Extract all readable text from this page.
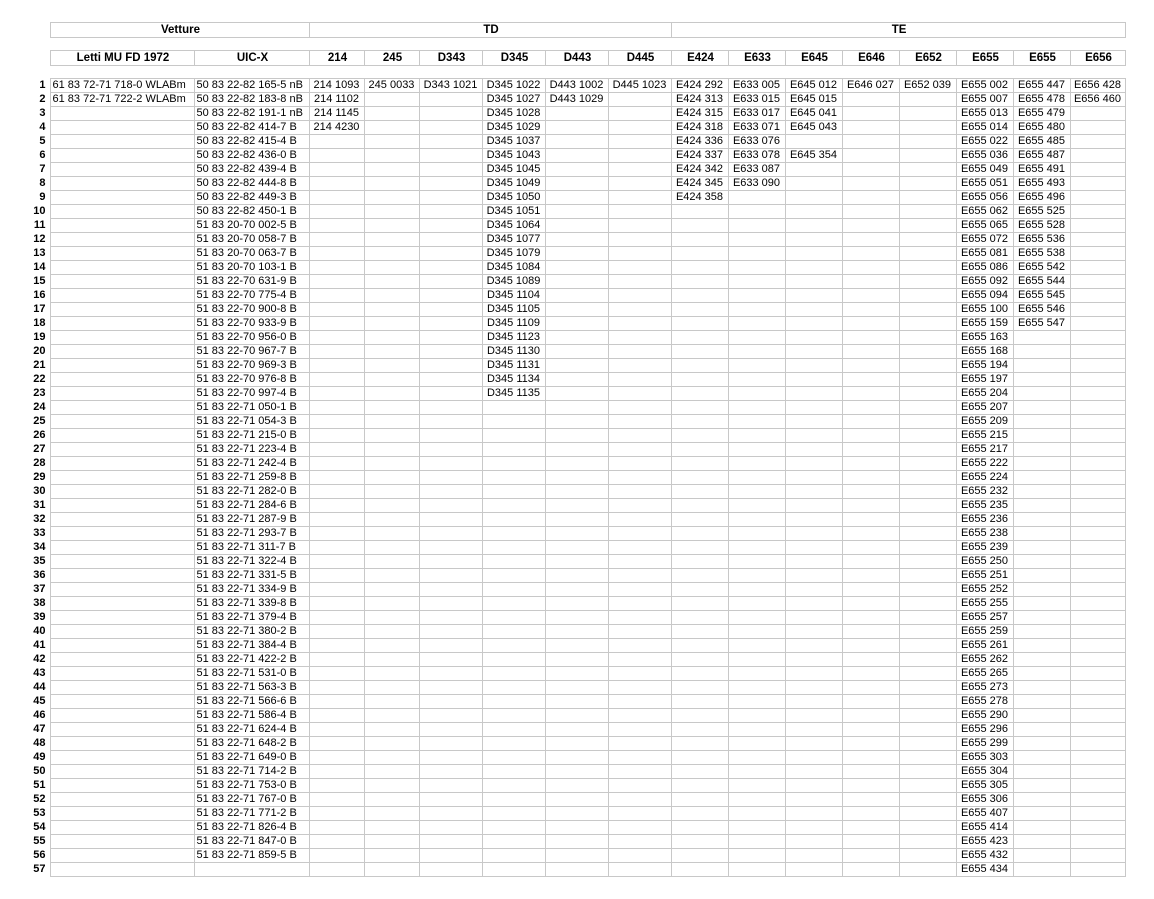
	Vetture	TD	TE
	Letti MU FD 1972	UIC-X	214	245	D343	D345	D443	D445	E424	E633	E645	E646	E652	E655	E655	E656
1	61 83 72-71 718-0 WLABm	50 83 22-82 165-5 nB	214 1093	245 0033	D343 1021	D345 1022	D443 1002	D445 1023	E424 292	E633 005	E645 012	E646 027	E652 039	E655 002	E655 447	E656 428
2	61 83 72-71 722-2 WLABm	50 83 22-82 183-8 nB	214 1102			D345 1027	D443 1029		E424 313	E633 015	E645 015			E655 007	E655 478	E656 460
3		50 83 22-82 191-1 nB	214 1145			D345 1028			E424 315	E633 017	E645 041			E655 013	E655 479	
4		50 83 22-82 414-7 B	214 4230			D345 1029			E424 318	E633 071	E645 043			E655 014	E655 480	
5		50 83 22-82 415-4 B				D345 1037			E424 336	E633 076				E655 022	E655 485	
6		50 83 22-82 436-0 B				D345 1043			E424 337	E633 078	E645 354			E655 036	E655 487	
7		50 83 22-82 439-4 B				D345 1045			E424 342	E633 087				E655 049	E655 491	
8		50 83 22-82 444-8 B				D345 1049			E424 345	E633 090				E655 051	E655 493	
9		50 83 22-82 449-3 B				D345 1050			E424 358					E655 056	E655 496	
10		50 83 22-82 450-1 B				D345 1051								E655 062	E655 525	
11		51 83 20-70 002-5 B				D345 1064								E655 065	E655 528	
12		51 83 20-70 058-7 B				D345 1077								E655 072	E655 536	
13		51 83 20-70 063-7 B				D345 1079								E655 081	E655 538	
14		51 83 20-70 103-1 B				D345 1084								E655 086	E655 542	
15		51 83 22-70 631-9 B				D345 1089								E655 092	E655 544	
16		51 83 22-70 775-4 B				D345 1104								E655 094	E655 545	
17		51 83 22-70 900-8 B				D345 1105								E655 100	E655 546	
18		51 83 22-70 933-9 B				D345 1109								E655 159	E655 547	
19		51 83 22-70 956-0 B				D345 1123								E655 163		
20		51 83 22-70 967-7 B				D345 1130								E655 168		
21		51 83 22-70 969-3 B				D345 1131								E655 194		
22		51 83 22-70 976-8 B				D345 1134								E655 197		
23		51 83 22-70 997-4 B				D345 1135								E655 204		
24		51 83 22-71 050-1 B												E655 207		
25		51 83 22-71 054-3 B												E655 209		
26		51 83 22-71 215-0 B												E655 215		
27		51 83 22-71 223-4 B												E655 217		
28		51 83 22-71 242-4 B												E655 222		
29		51 83 22-71 259-8 B												E655 224		
30		51 83 22-71 282-0 B												E655 232		
31		51 83 22-71 284-6 B												E655 235		
32		51 83 22-71 287-9 B												E655 236		
33		51 83 22-71 293-7 B												E655 238		
34		51 83 22-71 311-7 B												E655 239		
35		51 83 22-71 322-4 B												E655 250		
36		51 83 22-71 331-5 B												E655 251		
37		51 83 22-71 334-9 B												E655 252		
38		51 83 22-71 339-8 B												E655 255		
39		51 83 22-71 379-4 B												E655 257		
40		51 83 22-71 380-2 B												E655 259		
41		51 83 22-71 384-4 B												E655 261		
42		51 83 22-71 422-2 B												E655 262		
43		51 83 22-71 531-0 B												E655 265		
44		51 83 22-71 563-3 B												E655 273		
45		51 83 22-71 566-6 B												E655 278		
46		51 83 22-71 586-4 B												E655 290		
47		51 83 22-71 624-4 B												E655 296		
48		51 83 22-71 648-2 B												E655 299		
49		51 83 22-71 649-0 B												E655 303		
50		51 83 22-71 714-2 B												E655 304		
51		51 83 22-71 753-0 B												E655 305		
52		51 83 22-71 767-0 B												E655 306		
53		51 83 22-71 771-2 B												E655 407		
54		51 83 22-71 826-4 B												E655 414		
55		51 83 22-71 847-0 B												E655 423		
56		51 83 22-71 859-5 B												E655 432		
57														E655 434		
